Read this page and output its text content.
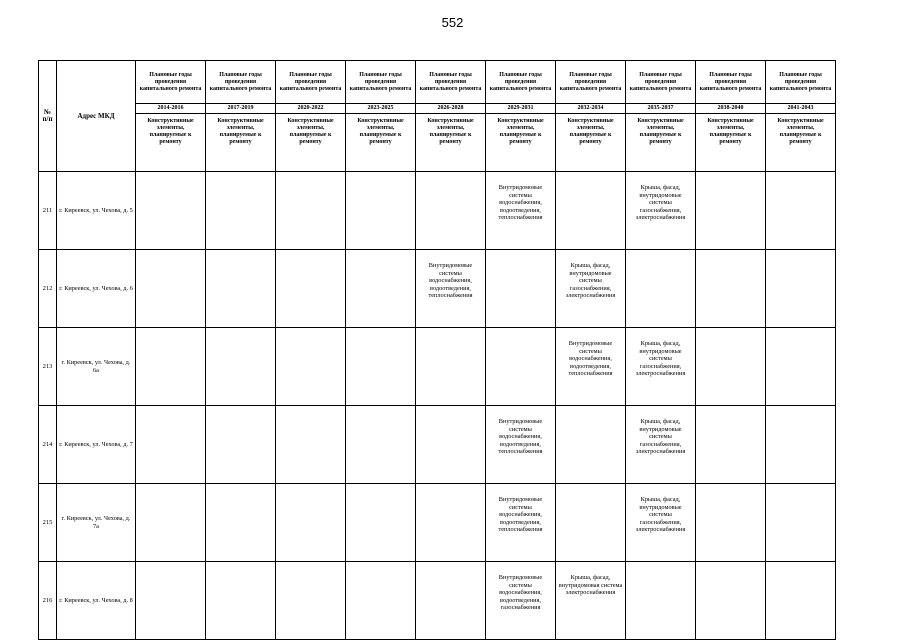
552
№ п/п	Адрес МКД	Плановые годы проведения капитального ремонта	Плановые годы проведения капитального ремонта	Плановые годы проведения капитального ремонта	Плановые годы проведения капитального ремонта	Плановые годы проведения капитального ремонта	Плановые годы проведения капитального ремонта	Плановые годы проведения капитального ремонта	Плановые годы проведения капитального ремонта	Плановые годы проведения капитального ремонта	Плановые годы проведения капитального ремонта
		2014-2016	2017-2019	2020-2022	2023-2025	2026-2028	2029-2031	2032-2034	2035-2037	2038-2040	2041-2043
		Конструктивные элементы, планируемые к ремонту	Конструктивные элементы, планируемые к ремонту	Конструктивные элементы, планируемые к ремонту	Конструктивные элементы, планируемые к ремонту	Конструктивные элементы, планируемые к ремонту	Конструктивные элементы, планируемые к ремонту	Конструктивные элементы, планируемые к ремонту	Конструктивные элементы, планируемые к ремонту	Конструктивные элементы, планируемые к ремонту	Конструктивные элементы, планируемые к ремонту
211	г. Киреевск, ул. Чехова, д. 5						Внутридомовые системы водоснабжения, водоотведения, теплоснабжения		Крыша, фасад, внутридомовые системы газоснабжения, электроснабжения		
212	г. Киреевск, ул. Чехова, д. 6					Внутридомовые системы водоснабжения, водоотведения, теплоснабжения		Крыша, фасад, внутридомовые системы газоснабжения, электроснабжения			
213	г. Киреевск, ул. Чехова, д. 6а							Внутридомовые системы водоснабжения, водоотведения, теплоснабжения	Крыша, фасад, внутридомовые системы газоснабжения, электроснабжения		
214	г. Киреевск, ул. Чехова, д. 7						Внутридомовые системы водоснабжения, водоотведения, теплоснабжения		Крыша, фасад, внутридомовые системы газоснабжения, электроснабжения		
215	г. Киреевск, ул. Чехова, д. 7а						Внутридомовые системы водоснабжения, водоотведения, теплоснабжения		Крыша, фасад, внутридомовые системы газоснабжения, электроснабжения		
216	г. Киреевск, ул. Чехова, д. 8						Внутридомовые системы водоснабжения, водоотведения, газоснабжения	Крыша, фасад, внутридомовая система электроснабжения			
